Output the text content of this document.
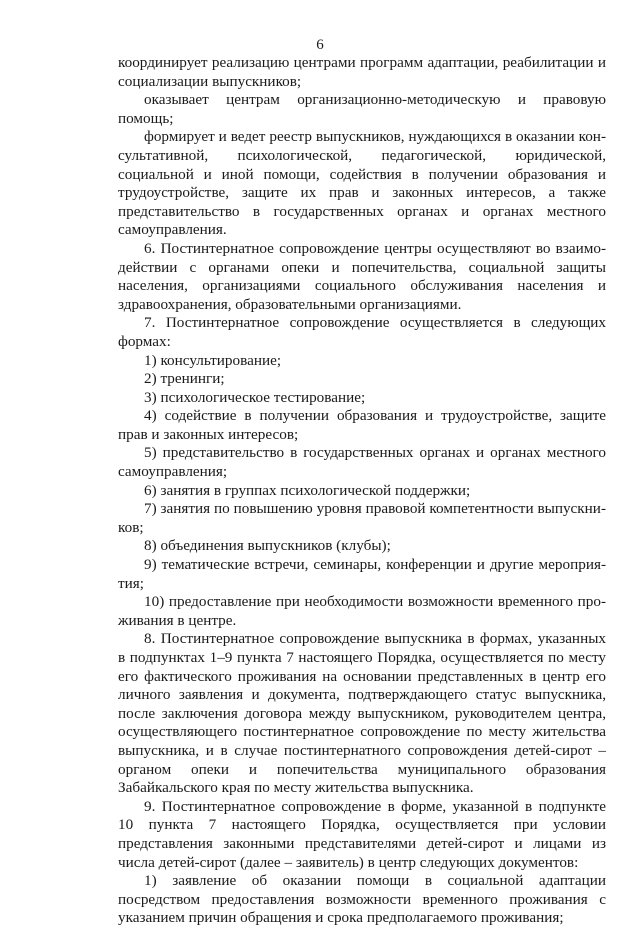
6

координирует реализацию центрами программ адаптации, реабилитации и социализации выпускников;

оказывает центрам организационно-методическую и правовую помощь;

формирует и ведет реестр выпускников, нуждающихся в оказании консультативной, психологической, педагогической, юридической, социальной и иной помощи, содействия в получении образования и трудоустройстве, защите их прав и законных интересов, а также представительство в государственных органах и органах местного самоуправления.

6. Постинтернатное сопровождение центры осуществляют во взаимодействии с органами опеки и попечительства, социальной защиты населения, организациями социального обслуживания населения и здравоохранения, образовательными организациями.

7. Постинтернатное сопровождение осуществляется в следующих формах:

1) консультирование;

2) тренинги;

3) психологическое тестирование;

4) содействие в получении образования и трудоустройстве, защите прав и законных интересов;

5) представительство в государственных органах и органах местного самоуправления;

6) занятия в группах психологической поддержки;

7) занятия по повышению уровня правовой компетентности выпускников;

8) объединения выпускников (клубы);

9) тематические встречи, семинары, конференции и другие мероприятия;

10) предоставление при необходимости возможности временного проживания в центре.

8. Постинтернатное сопровождение выпускника в формах, указанных в подпунктах 1–9 пункта 7 настоящего Порядка, осуществляется по месту его фактического проживания на основании представленных в центр его личного заявления и документа, подтверждающего статус выпускника, после заключения договора между выпускником, руководителем центра, осуществляющего постинтернатное сопровождение по месту жительства выпускника, и в случае постинтернатного сопровождения детей-сирот – органом опеки и попечительства муниципального образования Забайкальского края по месту жительства выпускника.

9. Постинтернатное сопровождение в форме, указанной в подпункте 10 пункта 7 настоящего Порядка, осуществляется при условии представления законными представителями детей-сирот и лицами из числа детей-сирот (далее – заявитель) в центр следующих документов:

1) заявление об оказании помощи в социальной адаптации посредством предоставления возможности временного проживания с указанием причин обращения и срока предполагаемого проживания;
